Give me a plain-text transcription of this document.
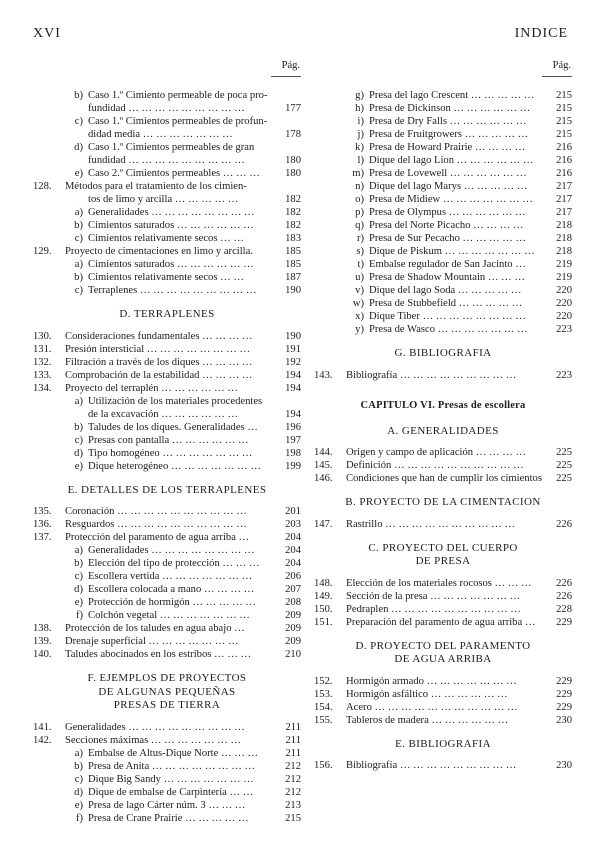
XVI	INDICE
Pág.
b) Caso 1.º Cimiento permeable de poca pro-
fundidad … … … … … … … … …	177
c) Caso 1.º Cimientos permeables de profun-
didad media … … … … … … …	178
d) Caso 1.º Cimientos permeables de gran
fundidad … … … … … … … … …	180
e) Caso 2.º Cimientos permeables … … …	180
128. Métodos para el tratamiento de los cimien-
tos de limo y arcilla … … … … …	182
a) Generalidades … … … … … … … …	182
b) Cimientos saturados … … … … … …	182
c) Cimientos relativamente secos … …	183
129. Proyecto de cimentaciones en limo y arcilla.	185
a) Cimientos saturados … … … … … …	185
b) Cimientos relativamente secos … …	187
c) Terraplenes … … … … … … … … …	190
D. TERRAPLENES
130. Consideraciones fundamentales … … … …	190
131. Presión intersticial … … … … … … … …	191
132. Filtración a través de los diques … … … …	192
133. Comprobación de la estabilidad … … … …	194
134. Proyecto del terraplén … … … … … …	194
a) Utilización de los materiales procedentes
de la excavación … … … … … …	194
b) Taludes de los diques. Generalidades …	196
c) Presas con pantalla … … … … … …	197
d) Tipo homogéneo … … … … … … …	198
e) Dique heterogéneo … … … … … … …	199
E. DETALLES DE LOS TERRAPLENES
135. Coronación … … … … … … … … … …	201
136. Resguardos … … … … … … … … … …	203
137. Protección del paramento de agua arriba …	204
a) Generalidades … … … … … … … …	204
b) Elección del tipo de protección … … …	204
c) Escollera vertida … … … … … … …	206
d) Escollera colocada a mano … … … …	207
e) Protección de hormigón … … … … …	208
f) Colchón vegetal … … … … … … …	209
138. Protección de los taludes en agua abajo …	209
139. Drenaje superficial … … … … … … …	209
140. Taludes abocinados en los estribos … … …	210
F. EJEMPLOS DE PROYECTOS
DE ALGUNAS PEQUEÑAS
PRESAS DE TIERRA
141. Generalidades … … … … … … … … …	211
142. Secciones máximas … … … … … … …	211
a) Embalse de Altus-Dique Norte … … …	211
b) Presa de Anita … … … … … … … …	212
c) Dique Big Sandy … … … … … … …	212
d) Dique de embalse de Carpintería … …	212
e) Presa de lago Cárter núm. 3 … … …	213
f) Presa de Crane Prairie … … … … …	215
Pág.
g) Presa del lago Crescent … … … … …	215
h) Presa de Dickinson … … … … … …	215
i) Presa de Dry Falls … … … … … …	215
j) Presa de Fruitgrowers … … … … …	215
k) Presa de Howard Prairie … … … …	216
l) Dique del lago Lion … … … … … …	216
m) Presa de Lovewell … … … … … …	216
n) Dique del lago Marys … … … … …	217
o) Presa de Midiew … … … … … … …	217
p) Presa de Olympus … … … … … …	217
q) Presa del Norte Picacho … … … …	218
r) Presa de Sur Pecacho … … … … …	218
s) Dique de Piskum … … … … … … …	218
t) Embalse regulador de San Jacinto …	219
u) Presa de Shadow Mountain … … …	219
v) Dique del lago Soda … … … … …	220
w) Presa de Stubbefield … … … … …	220
x) Dique Tiber … … … … … … … …	220
y) Presa de Wasco … … … … … … …	223
G. BIBLIOGRAFIA
143. Bibliografía … … … … … … … … …	223
CAPITULO VI. Presas de escollera
A. GENERALIDADES
144. Origen y campo de aplicación … … … …	225
145. Definición … … … … … … … … … …	225
146. Condiciones que han de cumplir los cimientos 225
B. PROYECTO DE LA CIMENTACION
147. Rastrillo … … … … … … … … … …	226
C. PROYECTO DEL CUERPO
DE PRESA
148. Elección de los materiales rocosos … … …	226
149. Sección de la presa … … … … … … …	226
150. Pedraplen … … … … … … … … … …	228
151. Preparación del paramento de agua arriba …	229
D. PROYECTO DEL PARAMENTO
DE AGUA ARRIBA
152. Hormigón armado … … … … … … …	229
153. Hormigón asfáltico … … … … … …	229
154. Acero … … … … … … … … … … …	229
155. Tableros de madera … … … … … …	230
E. BIBLIOGRAFIA
156. Bibliografía … … … … … … … … …	230
